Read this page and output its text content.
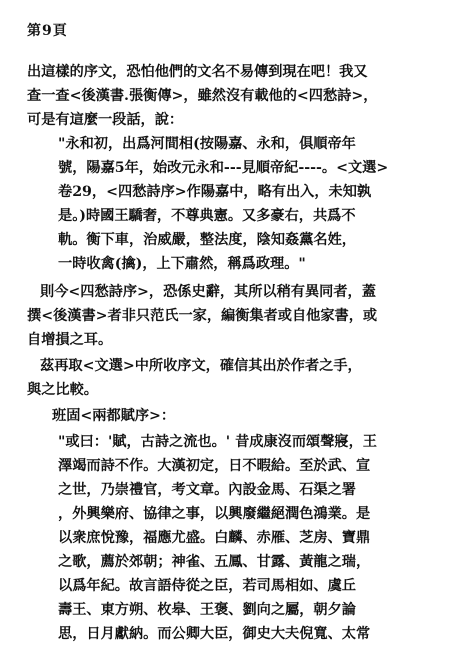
第9頁
出這樣的序文，恐怕他們的文名不易傳到現在吧！我又
查一查<後漢書.張衡傳>，雖然沒有載他的<四愁詩>，
可是有這麼一段話，說：
"永和初，出爲河間相(按陽嘉、永和，俱順帝年
號，陽嘉5年，始改元永和---見順帝紀----。<文選>
卷29，<四愁詩序>作陽嘉中，略有出入，未知孰
是。)時國王驕奢，不尊典憲。又多豪右，共爲不
軌。衡下車，治威嚴，整法度，陰知姦黨名姓，
一時收禽(擒)，上下肅然，稱爲政理。"
則今<四愁詩序>，恐係史辭，其所以稍有異同者，蓋
撰<後漢書>者非只范氏一家，編衡集者或自他家書，或
自增損之耳。
茲再取<文選>中所收序文，確信其出於作者之手，
與之比較。
班固<兩都賦序>：
"或曰：'賦，古詩之流也。' 昔成康沒而頌聲寢，王
澤竭而詩不作。大漢初定，日不暇給。至於武、宣
之世，乃崇禮官，考文章。內設金馬、石渠之署
，外興樂府、協律之事，以興廢繼絕潤色鴻業。是
以衆庶悅豫，福應尤盛。白麟、赤雁、芝房、寶鼎
之歌，薦於郊朝；神雀、五鳳、甘露、黃龍之瑞，
以爲年紀。故言語侍從之臣，若司馬相如、虞丘
壽王、東方朔、枚皋、王褒、劉向之屬，朝夕論
思，日月獻納。而公卿大臣，御史大夫倪寬、太常
